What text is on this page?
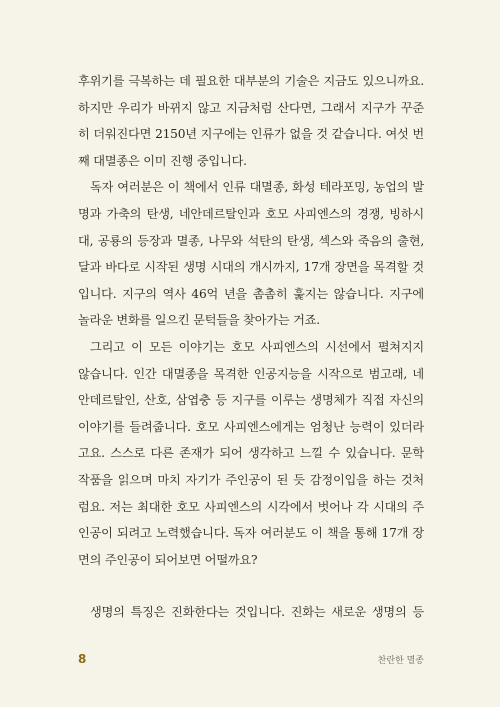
후위기를 극복하는 데 필요한 대부분의 기술은 지금도 있으니까요.
하지만 우리가 바뀌지 않고 지금처럼 산다면, 그래서 지구가 꾸준
히 더워진다면 2150년 지구에는 인류가 없을 것 같습니다. 여섯 번
째 대멸종은 이미 진행 중입니다.
독자 여러분은 이 책에서 인류 대멸종, 화성 테라포밍, 농업의 발
명과 가축의 탄생, 네안데르탈인과 호모 사피엔스의 경쟁, 빙하시
대, 공룡의 등장과 멸종, 나무와 석탄의 탄생, 섹스와 죽음의 출현,
달과 바다로 시작된 생명 시대의 개시까지, 17개 장면을 목격할 것
입니다. 지구의 역사 46억 년을 촘촘히 훑지는 않습니다. 지구에
놀라운 변화를 일으킨 문턱들을 찾아가는 거죠.
그리고 이 모든 이야기는 호모 사피엔스의 시선에서 펼쳐지지
않습니다. 인간 대멸종을 목격한 인공지능을 시작으로 범고래, 네
안데르탈인, 산호, 삼엽충 등 지구를 이루는 생명체가 직접 자신의
이야기를 들려줍니다. 호모 사피엔스에게는 엄청난 능력이 있더라
고요. 스스로 다른 존재가 되어 생각하고 느낄 수 있습니다. 문학
작품을 읽으며 마치 자기가 주인공이 된 듯 감정이입을 하는 것처
럼요. 저는 최대한 호모 사피엔스의 시각에서 벗어나 각 시대의 주
인공이 되려고 노력했습니다. 독자 여러분도 이 책을 통해 17개 장
면의 주인공이 되어보면 어떨까요?
생명의 특징은 진화한다는 것입니다. 진화는 새로운 생명의 등
8	찬란한 멸종
